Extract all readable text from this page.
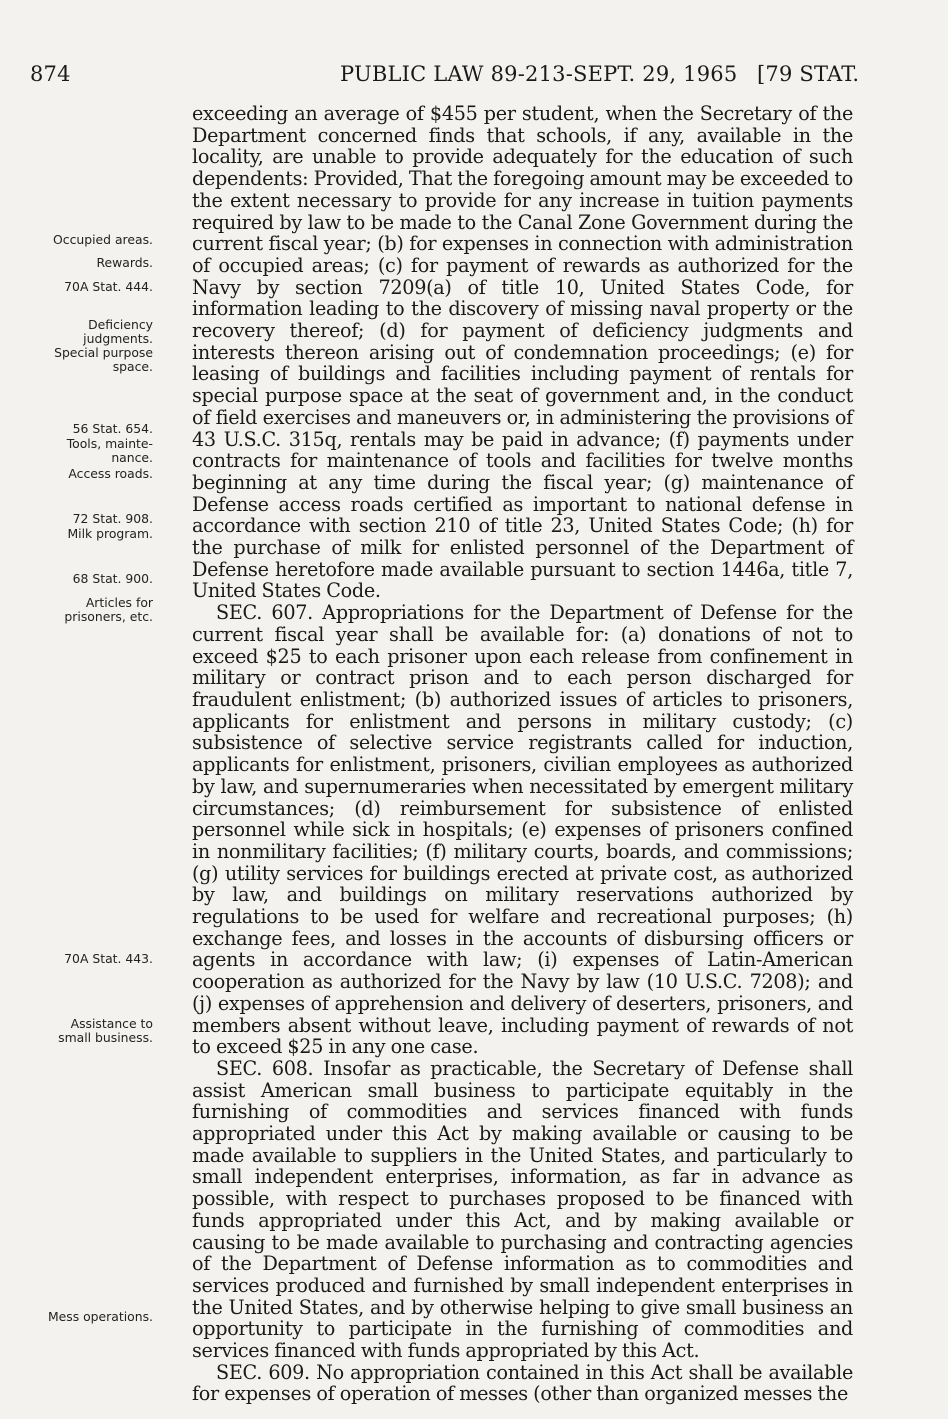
874	PUBLIC LAW 89-213-SEPT. 29, 1965 [79 STAT.
Occupied areas.
Rewards.
70A Stat. 444.
Deficiency
judgments.
Special purpose
space.
56 Stat. 654.
Tools, mainte-
nance.
Access roads.
72 Stat. 908.
Milk program.
68 Stat. 900.
Articles for
prisoners, etc.
70A Stat. 443.
Assistance to
small business.
Mess operations.

exceeding an average of $455 per student, when the Secretary of the Department concerned finds that schools, if any, available in the locality, are unable to provide adequately for the education of such dependents: Provided, That the foregoing amount may be exceeded to the extent necessary to provide for any increase in tuition payments required by law to be made to the Canal Zone Government during the current fiscal year; (b) for expenses in connection with administration of occupied areas; (c) for payment of rewards as authorized for the Navy by section 7209(a) of title 10, United States Code, for information leading to the discovery of missing naval property or the recovery thereof; (d) for payment of deficiency judgments and interests thereon arising out of condemnation proceedings; (e) for leasing of buildings and facilities including payment of rentals for special purpose space at the seat of government and, in the conduct of field exercises and maneuvers or, in administering the provisions of 43 U.S.C. 315q, rentals may be paid in advance; (f) payments under contracts for maintenance of tools and facilities for twelve months beginning at any time during the fiscal year; (g) maintenance of Defense access roads certified as important to national defense in accordance with section 210 of title 23, United States Code; (h) for the purchase of milk for enlisted personnel of the Department of Defense heretofore made available pursuant to section 1446a, title 7, United States Code.

SEC. 607. Appropriations for the Department of Defense for the current fiscal year shall be available for: (a) donations of not to exceed $25 to each prisoner upon each release from confinement in military or contract prison and to each person discharged for fraudulent enlistment; (b) authorized issues of articles to prisoners, applicants for enlistment and persons in military custody; (c) subsistence of selective service registrants called for induction, applicants for enlistment, prisoners, civilian employees as authorized by law, and supernumeraries when necessitated by emergent military circumstances; (d) reimbursement for subsistence of enlisted personnel while sick in hospitals; (e) expenses of prisoners confined in nonmilitary facilities; (f) military courts, boards, and commissions; (g) utility services for buildings erected at private cost, as authorized by law, and buildings on military reservations authorized by regulations to be used for welfare and recreational purposes; (h) exchange fees, and losses in the accounts of disbursing officers or agents in accordance with law; (i) expenses of Latin-American cooperation as authorized for the Navy by law (10 U.S.C. 7208); and (j) expenses of apprehension and delivery of deserters, prisoners, and members absent without leave, including payment of rewards of not to exceed $25 in any one case.

SEC. 608. Insofar as practicable, the Secretary of Defense shall assist American small business to participate equitably in the furnishing of commodities and services financed with funds appropriated under this Act by making available or causing to be made available to suppliers in the United States, and particularly to small independent enterprises, information, as far in advance as possible, with respect to purchases proposed to be financed with funds appropriated under this Act, and by making available or causing to be made available to purchasing and contracting agencies of the Department of Defense information as to commodities and services produced and furnished by small independent enterprises in the United States, and by otherwise helping to give small business an opportunity to participate in the furnishing of commodities and services financed with funds appropriated by this Act.

SEC. 609. No appropriation contained in this Act shall be available for expenses of operation of messes (other than organized messes the
